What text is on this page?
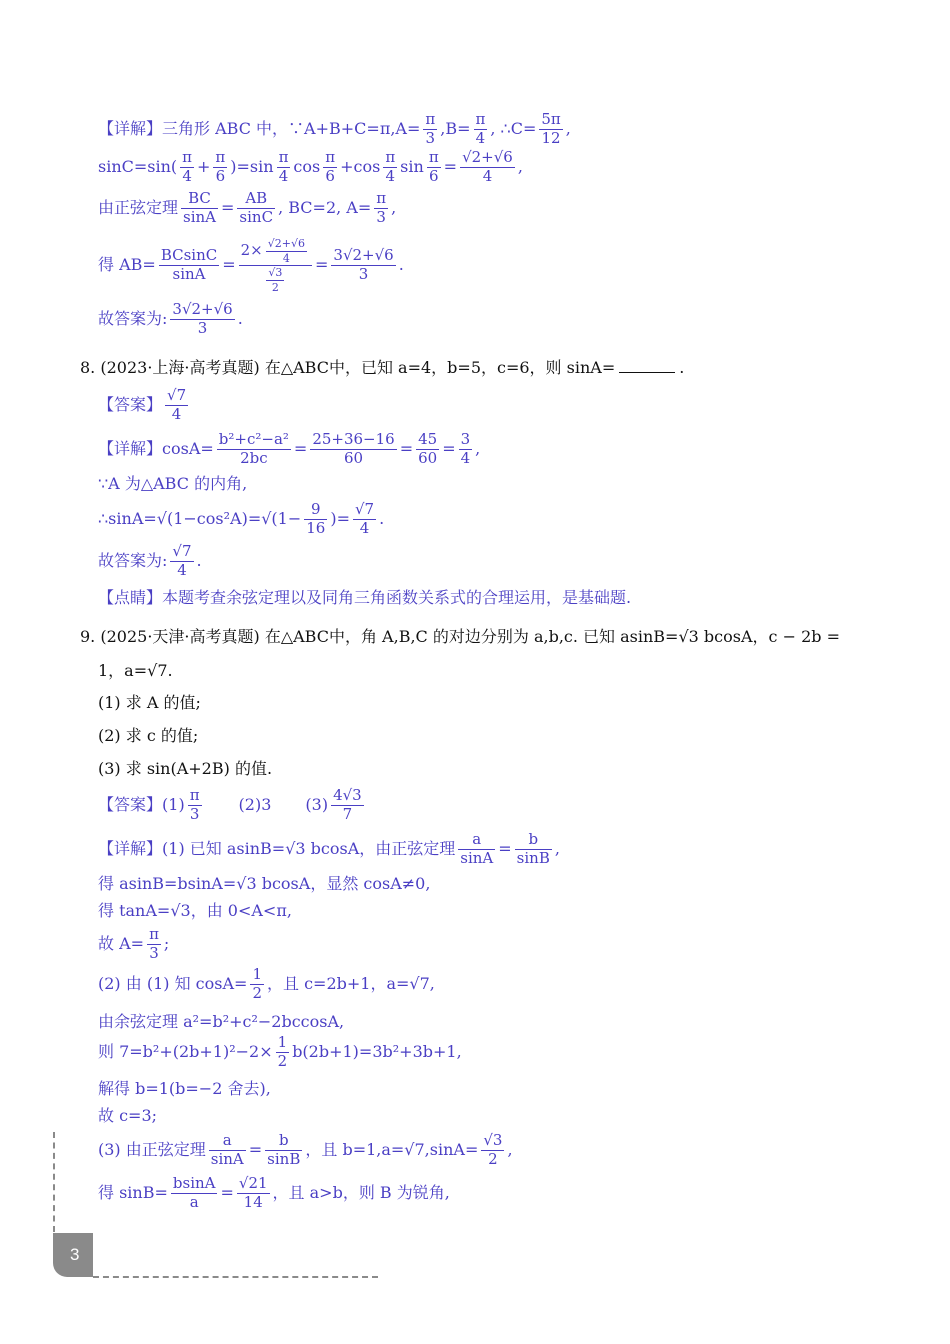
【详解】三角形 ABC 中，∵A+B+C=π,A= $\frac{\pi}{3} ,B= \frac{\pi}{4}$ , ∴C= $\frac{5\pi}{12}$ ,
$\sin C=\sin( \frac{\pi}{4} + \frac{\pi}{6} )=\sin \frac{\pi}{4}$ $\cos \frac{\pi}{6} +\cos \frac{\pi}{4}$ $\sin \frac{\pi}{6} = \frac{√2+√6}{4}$ ,
由正弦定理 $\frac{BC}{\sin A} = \frac{AB}{\sin C}$ , BC=2, $A= \frac{\pi}{3}$ ,
得 $AB= \frac{BCsinC}{\sin A} = \frac{2\times \frac{√2+√6}{4}}{\frac{√3}{2}} = \frac{3√2+√6}{3}$ .
故答案为: $\frac{3√2+√6}{3}$ .
8. (2023·上海·高考真题) 在△ABC中，已知 a=4，b=5，c=6，则 sinA=	.
【答案】 $\frac{√7}{4}$
【详解】$\cos A= \frac{\text{b²+c²−a²}}{2bc} = \frac{25+36-16}{60} = \frac{45}{60} = \frac{3}{4}$ ,
∵A 为△ABC 的内角,
∴sinA=√(1−cos²A)=√(1− $\frac{9}{16}$ )= $\frac{√7}{4}$ .
故答案为: $\frac{√7}{4}$ .
【点睛】本题考查余弦定理以及同角三角函数关系式的合理运用，是基础题.
9. (2025·天津·高考真题) 在△ABC中，角 A,B,C 的对边分别为 a,b,c. 已知 asinB=√3 bcosA，c − 2b =
1，a=√7.
(1) 求 A 的值;
(2) 求 c 的值;
(3) 求 sin(A+2B) 的值.
【答案】$(1) \frac{\pi}{3} (2)3$ $(3) \frac{4√3}{7}$
【详解】(1) 已知 asinB=√3 bcosA，由正弦定理 $\frac{a}{\sin A} = \frac{b}{\sin B}$ ,
得 asinB=bsinA=√3 bcosA，显然 cosA≠0,
得 tanA=√3，由 0<A<π,
故 $A= \frac{\pi}{3}$ ;
(2) 由 (1) 知 $\cos A= \frac{1}{2}$ ，且 c=2b+1，a=√7,
由余弦定理 a²=b²+c²−2bccosA,
则 $7=b^2+(2b+1)^2-2\times \frac{1}{2} b(2b+1)=3b^2+3b+1$,
解得 b=1(b=−2 舍去),
故 c=3;
(3) 由正弦定理 $\frac{a}{\sin A} = \frac{b}{\sin B}$ ，且 $b=1,a=√7,\sin A= \frac{√3}{2}$ ,
得 $\sin B= \frac{bsinA}{a} = \frac{√21}{14}$ ，且 a>b，则 B 为锐角,
3
